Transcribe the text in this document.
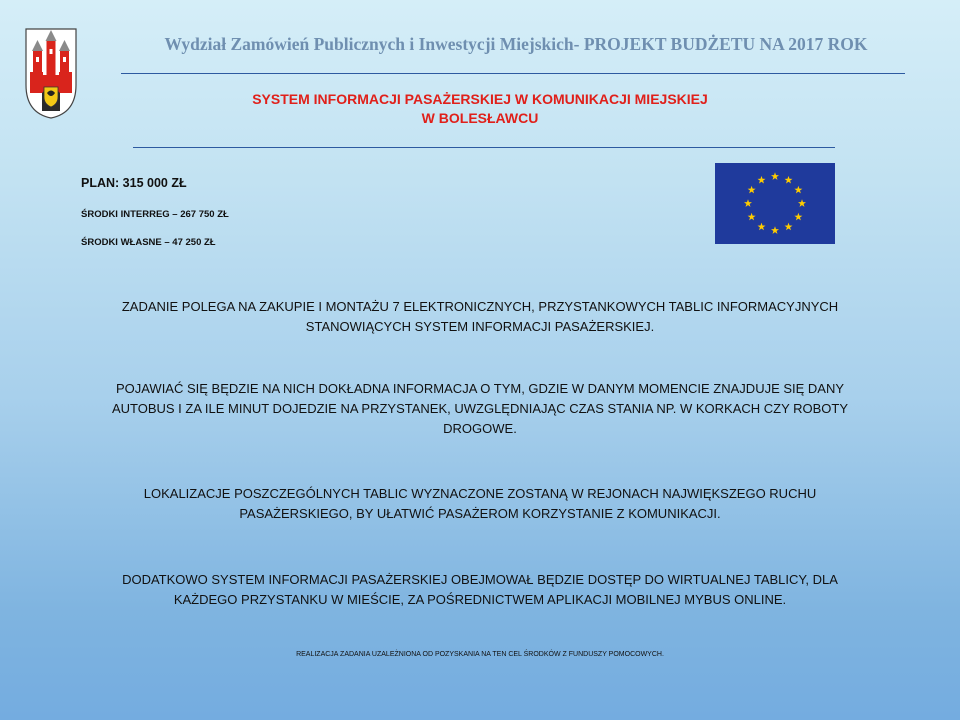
Wydział Zamówień Publicznych i Inwestycji Miejskich- PROJEKT BUDŻETU NA 2017 ROK
SYSTEM INFORMACJI PASAŻERSKIEJ W KOMUNIKACJI MIEJSKIEJ
W BOLESŁAWCU
PLAN: 315 000 ZŁ
ŚRODKI INTERREG – 267 750 ZŁ
ŚRODKI WŁASNE – 47 250 ZŁ
ZADANIE POLEGA NA ZAKUPIE I MONTAŻU 7 ELEKTRONICZNYCH, PRZYSTANKOWYCH TABLIC INFORMACYJNYCH STANOWIĄCYCH SYSTEM INFORMACJI PASAŻERSKIEJ.
POJAWIAĆ SIĘ BĘDZIE NA NICH DOKŁADNA INFORMACJA O TYM, GDZIE W DANYM MOMENCIE ZNAJDUJE SIĘ DANY AUTOBUS I ZA ILE MINUT DOJEDZIE NA PRZYSTANEK, UWZGLĘDNIAJĄC CZAS STANIA NP. W KORKACH CZY ROBOTY DROGOWE.
LOKALIZACJE POSZCZEGÓLNYCH TABLIC WYZNACZONE ZOSTANĄ W REJONACH NAJWIĘKSZEGO RUCHU PASAŻERSKIEGO, BY UŁATWIĆ PASAŻEROM KORZYSTANIE Z KOMUNIKACJI.
DODATKOWO SYSTEM INFORMACJI PASAŻERSKIEJ OBEJMOWAŁ BĘDZIE DOSTĘP DO WIRTUALNEJ TABLICY, DLA KAŻDEGO PRZYSTANKU W MIEŚCIE, ZA POŚREDNICTWEM APLIKACJI MOBILNEJ MYBUS ONLINE.
REALIZACJA ZADANIA UZALEŻNIONA OD POZYSKANIA NA TEN CEL ŚRODKÓW Z FUNDUSZY POMOCOWYCH.
